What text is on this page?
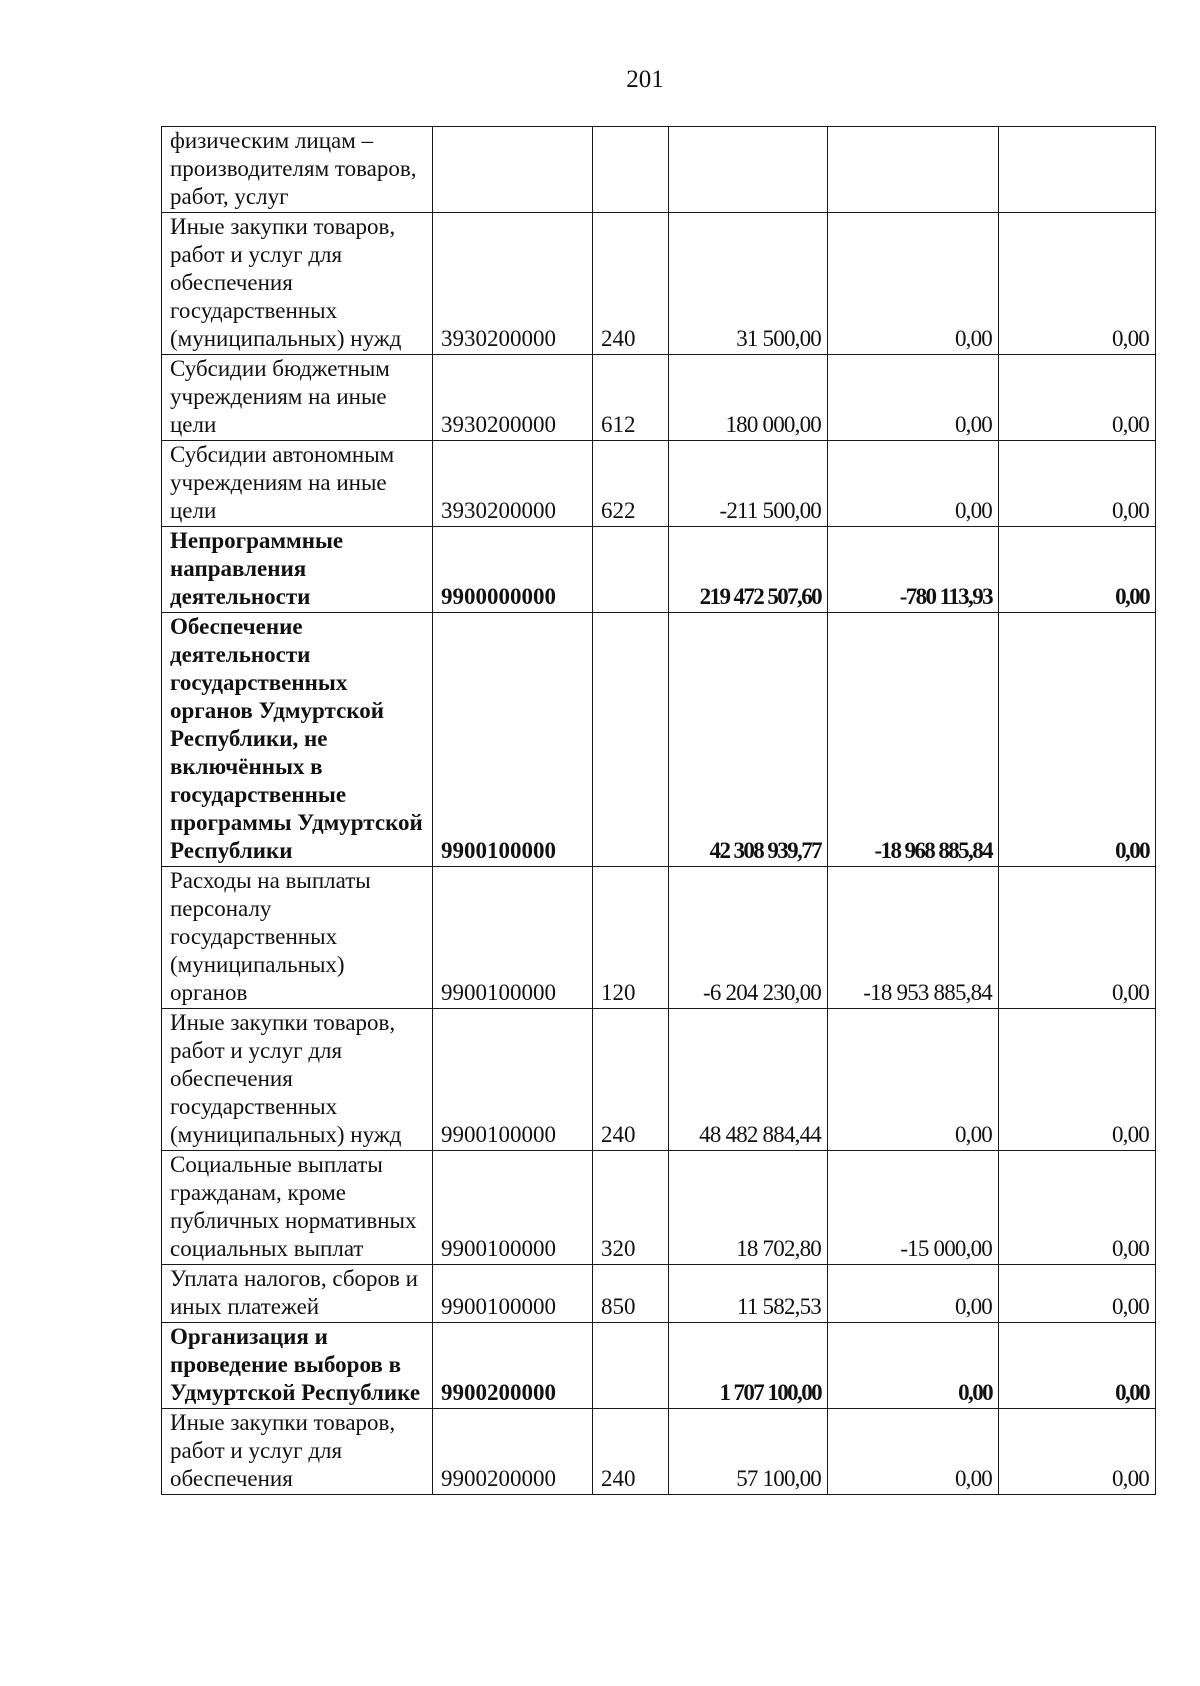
201
физическим лицам – производителям товаров, работ, услуг					
Иные закупки товаров, работ и услуг для обеспечения государственных (муниципальных) нужд	3930200000	240	31 500,00	0,00	0,00
Субсидии бюджетным учреждениям на иные цели	3930200000	612	180 000,00	0,00	0,00
Субсидии автономным учреждениям на иные цели	3930200000	622	-211 500,00	0,00	0,00
Непрограммные направления деятельности	9900000000		219 472 507,60	-780 113,93	0,00
Обеспечение деятельности государственных органов Удмуртской Республики, не включённых в государственные программы Удмуртской Республики	9900100000		42 308 939,77	-18 968 885,84	0,00
Расходы на выплаты персоналу государственных (муниципальных) органов	9900100000	120	-6 204 230,00	-18 953 885,84	0,00
Иные закупки товаров, работ и услуг для обеспечения государственных (муниципальных) нужд	9900100000	240	48 482 884,44	0,00	0,00
Социальные выплаты гражданам, кроме публичных нормативных социальных выплат	9900100000	320	18 702,80	-15 000,00	0,00
Уплата налогов, сборов и иных платежей	9900100000	850	11 582,53	0,00	0,00
Организация и проведение выборов в Удмуртской Республике	9900200000		1 707 100,00	0,00	0,00
Иные закупки товаров, работ и услуг для обеспечения	9900200000	240	57 100,00	0,00	0,00
